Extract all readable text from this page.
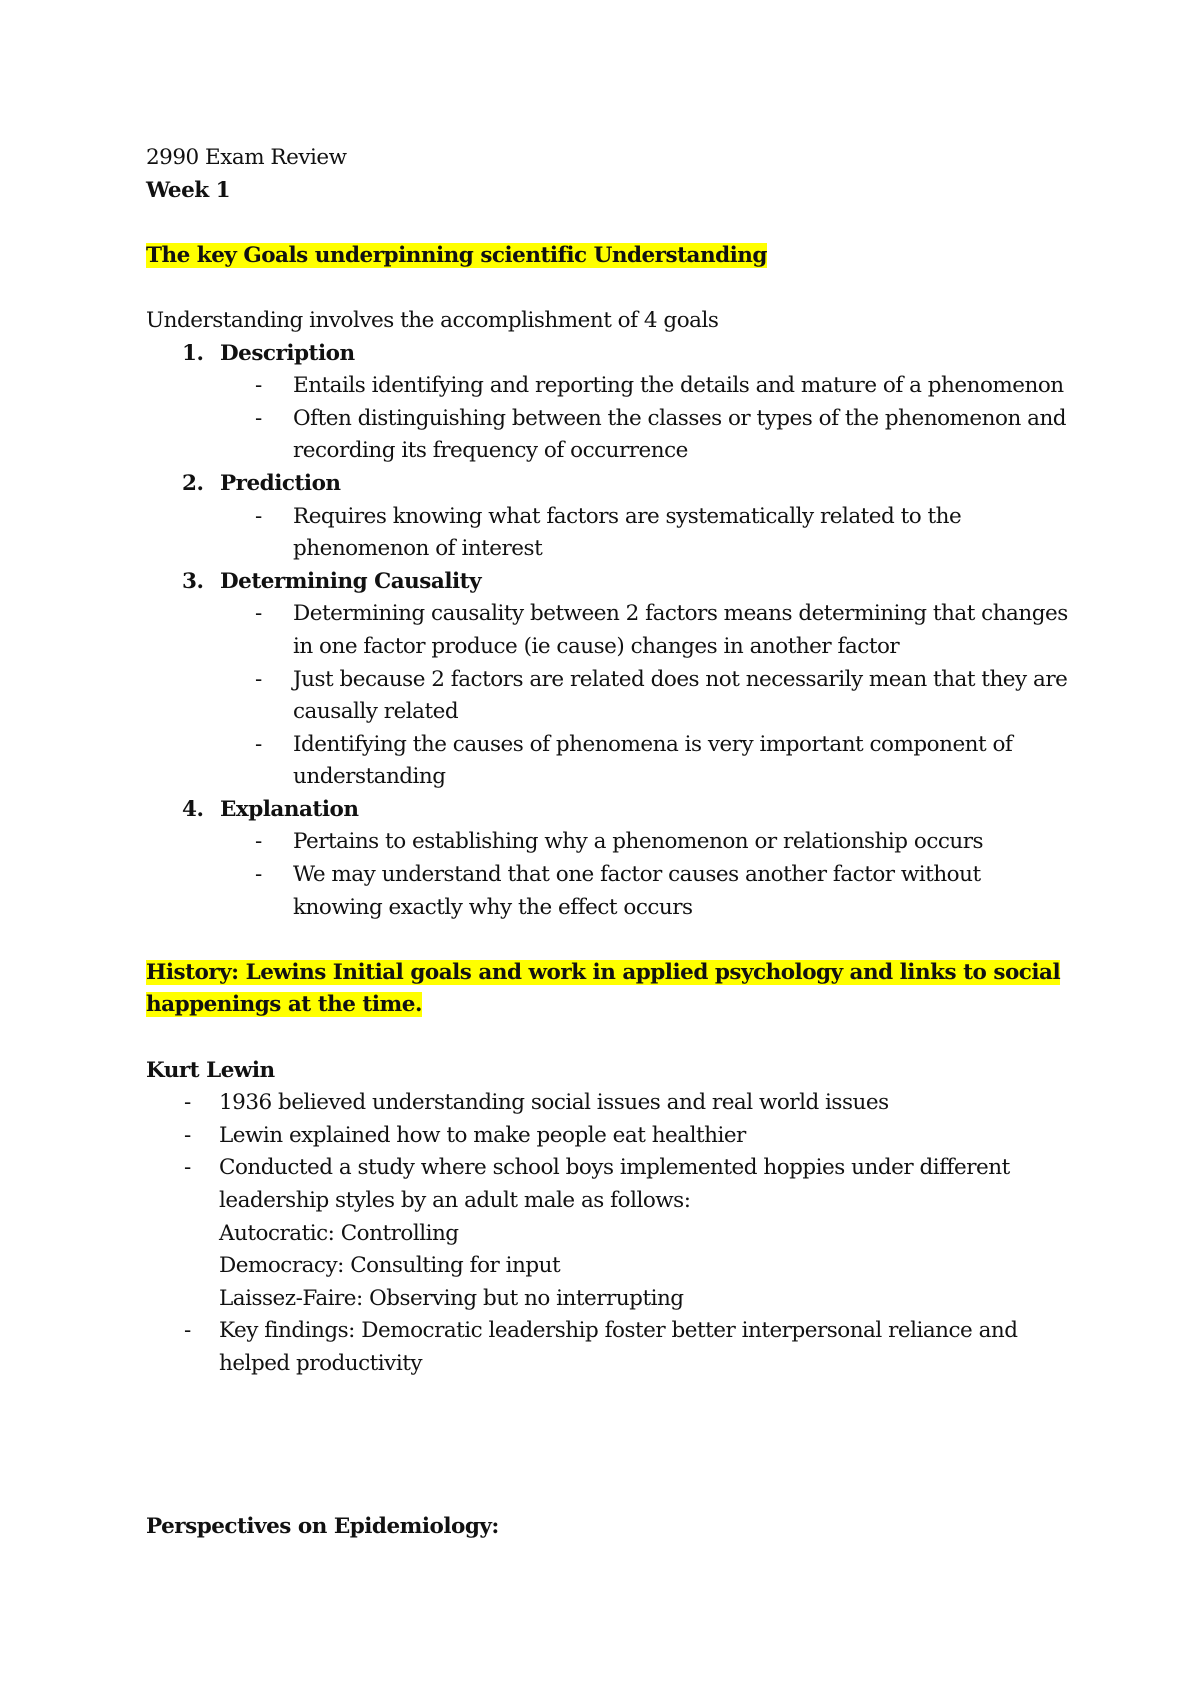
2990 Exam Review
Week 1
The key Goals underpinning scientific Understanding
Understanding involves the accomplishment of 4 goals
1. Description
- Entails identifying and reporting the details and mature of a phenomenon
- Often distinguishing between the classes or types of the phenomenon and
recording its frequency of occurrence
2. Prediction
- Requires knowing what factors are systematically related to the
phenomenon of interest
3. Determining Causality
- Determining causality between 2 factors means determining that changes
in one factor produce (ie cause) changes in another factor
- Just because 2 factors are related does not necessarily mean that they are
causally related
- Identifying the causes of phenomena is very important component of
understanding
4. Explanation
- Pertains to establishing why a phenomenon or relationship occurs
- We may understand that one factor causes another factor without
knowing exactly why the effect occurs
History: Lewins Initial goals and work in applied psychology and links to social
happenings at the time.
Kurt Lewin
- 1936 believed understanding social issues and real world issues
- Lewin explained how to make people eat healthier
- Conducted a study where school boys implemented hoppies under different
leadership styles by an adult male as follows:
Autocratic: Controlling
Democracy: Consulting for input
Laissez-Faire: Observing but no interrupting
- Key findings: Democratic leadership foster better interpersonal reliance and
helped productivity
Perspectives on Epidemiology:
